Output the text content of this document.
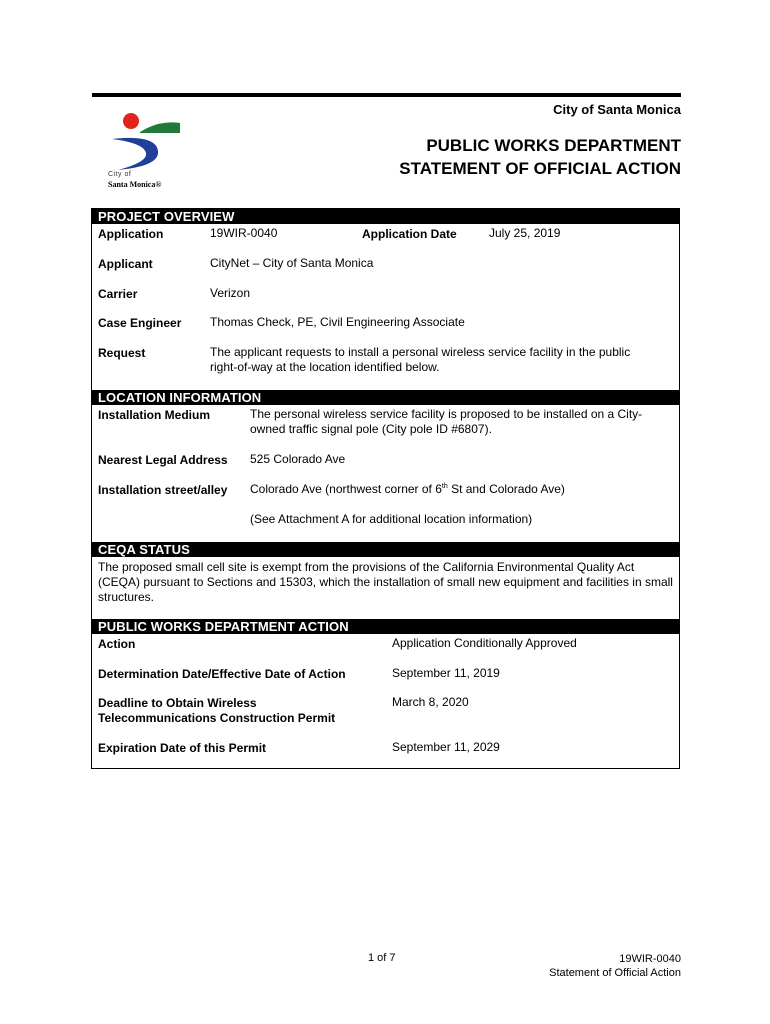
City of Santa Monica
City of
Santa Monica®
PUBLIC WORKS DEPARTMENT
STATEMENT OF OFFICIAL ACTION
PROJECT OVERVIEW
Application	19WIR-0040	Application Date	July 25, 2019
Applicant	CityNet – City of Santa Monica
Carrier	Verizon
Case Engineer Thomas Check, PE, Civil Engineering Associate
Request	The applicant requests to install a personal wireless service facility in the public
right-of-way at the location identified below.
LOCATION INFORMATION
Installation Medium	The personal wireless service facility is proposed to be installed on a City-
owned traffic signal pole (City pole ID #6807).
Nearest Legal Address 525 Colorado Ave
Installation street/alley Colorado Ave (northwest corner of 6th St and Colorado Ave)
(See Attachment A for additional location information)
CEQA STATUS
The proposed small cell site is exempt from the provisions of the California Environmental Quality Act (CEQA) pursuant to Sections and 15303, which the installation of small new equipment and facilities in small structures.
PUBLIC WORKS DEPARTMENT ACTION
Action	Application Conditionally Approved
Determination Date/Effective Date of Action	September 11, 2019
Deadline to Obtain Wireless
Telecommunications Construction Permit
March 8, 2020
Expiration Date of this Permit	September 11, 2029
1 of 7	19WIR-0040
Statement of Official Action
